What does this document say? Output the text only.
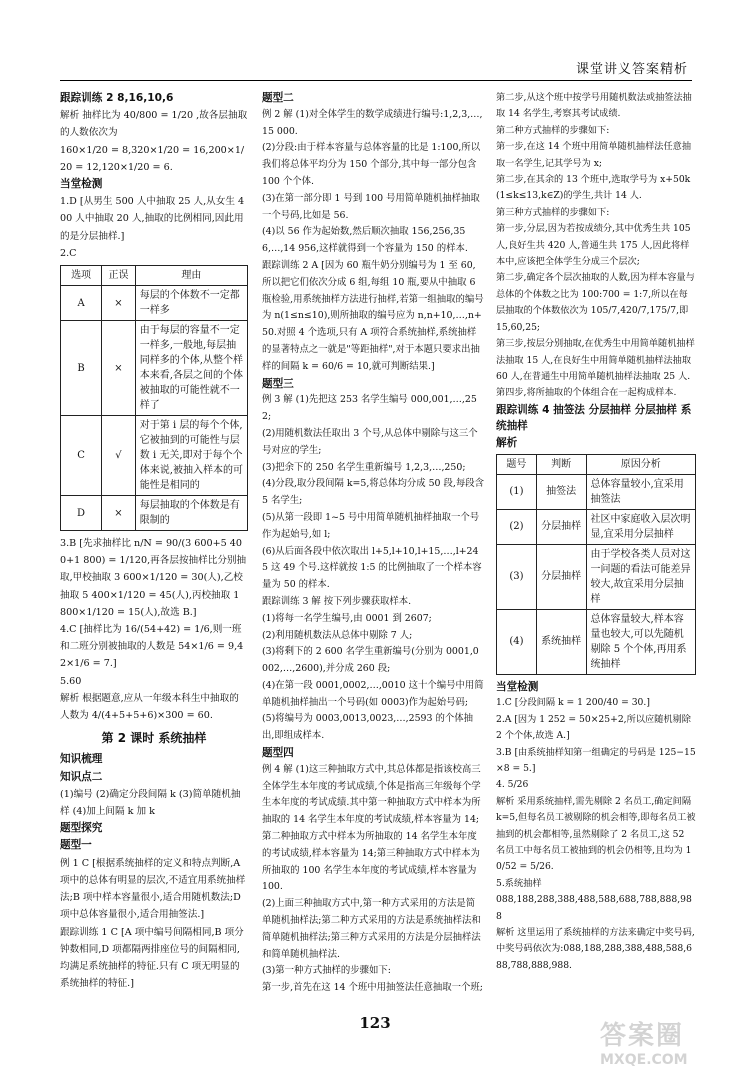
课堂讲义答案精析

跟踪训练 2 8,16,10,6

解析 抽样比为 40/800 = 1/20 ,故各层抽取的人数依次为

160×1/20 = 8,320×1/20 = 16,200×1/20 = 12,120×1/20 = 6.

当堂检测

1.D [从男生 500 人中抽取 25 人,从女生 400 人中抽取 20 人,抽取的比例相同,因此用的是分层抽样.]

2.C

选项	正误	理由
A	×	每层的个体数不一定都一样多
B	×	由于每层的容量不一定一样多,一般地,每层抽同样多的个体,从整个样本来看,各层之间的个体被抽取的可能性就不一样了
C	√	对于第 i 层的每个个体,它被抽到的可能性与层数 i 无关,即对于每个个体来说,被抽入样本的可能性是相同的
D	×	每层抽取的个体数是有限制的

3.B [先求抽样比 n/N = 90/(3 600+5 400+1 800) = 1/120,再各层按抽样比分别抽取,甲校抽取 3 600×1/120 = 30(人),乙校抽取 5 400×1/120 = 45(人),丙校抽取 1 800×1/120 = 15(人),故选 B.]

4.C [抽样比为 16/(54+42) = 1/6,则一班和二班分别被抽取的人数是 54×1/6 = 9,42×1/6 = 7.]

5.60

解析 根据题意,应从一年级本科生中抽取的人数为 4/(4+5+5+6)×300 = 60.

第 2 课时 系统抽样

知识梳理

知识点二

(1)编号 (2)确定分段间隔 k (3)简单随机抽样 (4)加上间隔 k 加 k

题型探究

题型一

例 1 C [根据系统抽样的定义和特点判断,A 项中的总体有明显的层次,不适宜用系统抽样法;B 项中样本容量很小,适合用随机数法;D 项中总体容量很小,适合用抽签法.]

跟踪训练 1 C [A 项中编号间隔相同,B 项分钟数相同,D 项都隔两排座位号的间隔相同,均满足系统抽样的特征.只有 C 项无明显的系统抽样的特征.]

题型二

例 2 解 (1)对全体学生的数学成绩进行编号:1,2,3,…,15 000.

(2)分段:由于样本容量与总体容量的比是 1:100,所以我们将总体平均分为 150 个部分,其中每一部分包含 100 个个体.

(3)在第一部分即 1 号到 100 号用简单随机抽样抽取一个号码,比如是 56.

(4)以 56 作为起始数,然后顺次抽取 156,256,356,…,14 956,这样就得到一个容量为 150 的样本.

跟踪训练 2 A [因为 60 瓶牛奶分别编号为 1 至 60,所以把它们依次分成 6 组,每组 10 瓶,要从中抽取 6 瓶检验,用系统抽样方法进行抽样,若第一组抽取的编号为 n(1≤n≤10),则所抽取的编号应为 n,n+10,…,n+50.对照 4 个选项,只有 A 项符合系统抽样,系统抽样的显著特点之一就是"等距抽样",对于本题只要求出抽样的间隔 k = 60/6 = 10,就可判断结果.]

题型三

例 3 解 (1)先把这 253 名学生编号 000,001,…,252;

(2)用随机数法任取出 3 个号,从总体中剔除与这三个号对应的学生;

(3)把余下的 250 名学生重新编号 1,2,3,…,250;

(4)分段,取分段间隔 k=5,将总体均分成 50 段,每段含 5 名学生;

(5)从第一段即 1~5 号中用简单随机抽样抽取一个号作为起始号,如 l;

(6)从后面各段中依次取出 l+5,l+10,l+15,…,l+245 这 49 个号.这样就按 1:5 的比例抽取了一个样本容量为 50 的样本.

跟踪训练 3 解 按下列步骤获取样本.

(1)将每一名学生编号,由 0001 到 2607;

(2)利用随机数法从总体中剔除 7 人;

(3)将剩下的 2 600 名学生重新编号(分别为 0001,0002,…,2600),并分成 260 段;

(4)在第一段 0001,0002,…,0010 这十个编号中用简单随机抽样抽出一个号码(如 0003)作为起始号码;

(5)将编号为 0003,0013,0023,…,2593 的个体抽出,即组成样本.

题型四

例 4 解 (1)这三种抽取方式中,其总体都是指该校高三全体学生本年度的考试成绩,个体是指高三年级每个学生本年度的考试成绩.其中第一种抽取方式中样本为所抽取的 14 名学生本年度的考试成绩,样本容量为 14;第二种抽取方式中样本为所抽取的 14 名学生本年度的考试成绩,样本容量为 14;第三种抽取方式中样本为所抽取的 100 名学生本年度的考试成绩,样本容量为 100.

(2)上面三种抽取方式中,第一种方式采用的方法是简单随机抽样法;第二种方式采用的方法是系统抽样法和简单随机抽样法;第三种方式采用的方法是分层抽样法和简单随机抽样法.

(3)第一种方式抽样的步骤如下:

第一步,首先在这 14 个班中用抽签法任意抽取一个班;

第二步,从这个班中按学号用随机数法或抽签法抽取 14 名学生,考察其考试成绩.

第二种方式抽样的步骤如下:

第一步,在这 14 个班中用简单随机抽样法任意抽取一名学生,记其学号为 x;

第二步,在其余的 13 个班中,选取学号为 x+50k(1≤k≤13,k∈Z)的学生,共计 14 人.

第三种方式抽样的步骤如下:

第一步,分层,因为若按成绩分,其中优秀生共 105 人,良好生共 420 人,普通生共 175 人,因此将样本中,应该把全体学生分成三个层次;

第二步,确定各个层次抽取的人数,因为样本容量与总体的个体数之比为 100:700 = 1:7,所以在每层抽取的个体数依次为 105/7,420/7,175/7,即 15,60,25;

第三步,按层分别抽取,在优秀生中用简单随机抽样法抽取 15 人,在良好生中用简单随机抽样法抽取 60 人,在普通生中用简单随机抽样法抽取 25 人.

第四步,将所抽取的个体组合在一起构成样本.

跟踪训练 4 抽签法 分层抽样 分层抽样 系统抽样

解析

题号	判断	原因分析
(1)	抽签法	总体容量较小,宜采用抽签法
(2)	分层抽样	社区中家庭收入层次明显,宜采用分层抽样
(3)	分层抽样	由于学校各类人员对这一问题的看法可能差异较大,故宜采用分层抽样
(4)	系统抽样	总体容量较大,样本容量也较大,可以先随机剔除 5 个个体,再用系统抽样

当堂检测

1.C [分段间隔 k = 1 200/40 = 30.]

2.A [因为 1 252 = 50×25+2,所以应随机剔除 2 个个体,故选 A.]

3.B [由系统抽样知第一组确定的号码是 125−15×8 = 5.]

4. 5/26

解析 采用系统抽样,需先剔除 2 名员工,确定间隔 k=5,但每名员工被剔除的机会相等,即每名员工被抽到的机会都相等,虽然剔除了 2 名员工,这 52 名员工中每名员工被抽到的机会仍相等,且均为 10/52 = 5/26.

5.系统抽样

088,188,288,388,488,588,688,788,888,988

解析 这里运用了系统抽样的方法来确定中奖号码,中奖号码依次为:088,188,288,388,488,588,688,788,888,988.

123	答案圈
MXQE.COM
